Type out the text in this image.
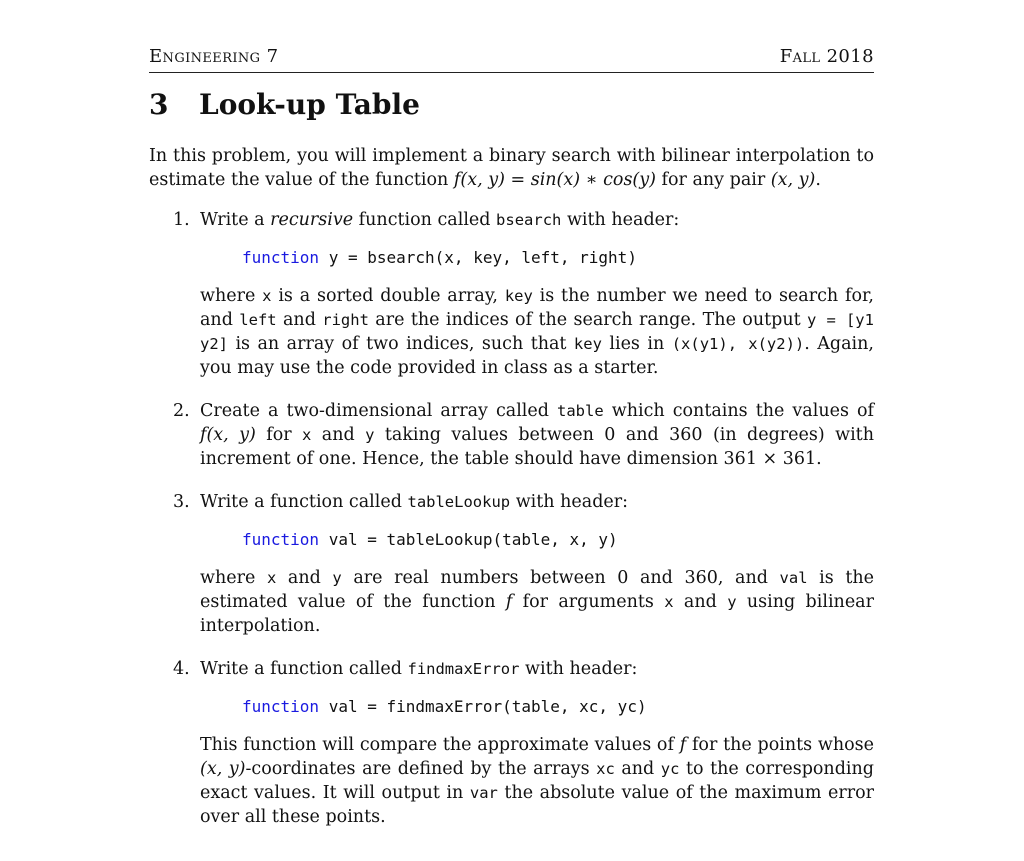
Engineering 7	Fall 2018
3 Look-up Table

In this problem, you will implement a binary search with bilinear interpolation to estimate the value of the function f(x, y) = sin(x) ∗ cos(y) for any pair (x, y).

1. Write a recursive function called bsearch with header:

function y = bsearch(x, key, left, right)

where x is a sorted double array, key is the number we need to search for, and left and right are the indices of the search range. The output y = [y1 y2] is an array of two indices, such that key lies in (x(y1), x(y2)). Again, you may use the code provided in class as a starter.

2. Create a two-dimensional array called table which contains the values of f(x, y) for x and y taking values between 0 and 360 (in degrees) with increment of one. Hence, the table should have dimension 361 × 361.

3. Write a function called tableLookup with header:

function val = tableLookup(table, x, y)

where x and y are real numbers between 0 and 360, and val is the estimated value of the function f for arguments x and y using bilinear interpolation.

4. Write a function called findmaxError with header:

function val = findmaxError(table, xc, yc)

This function will compare the approximate values of f for the points whose (x, y)-coordinates are defined by the arrays xc and yc to the corresponding exact values. It will output in var the absolute value of the maximum error over all these points.
